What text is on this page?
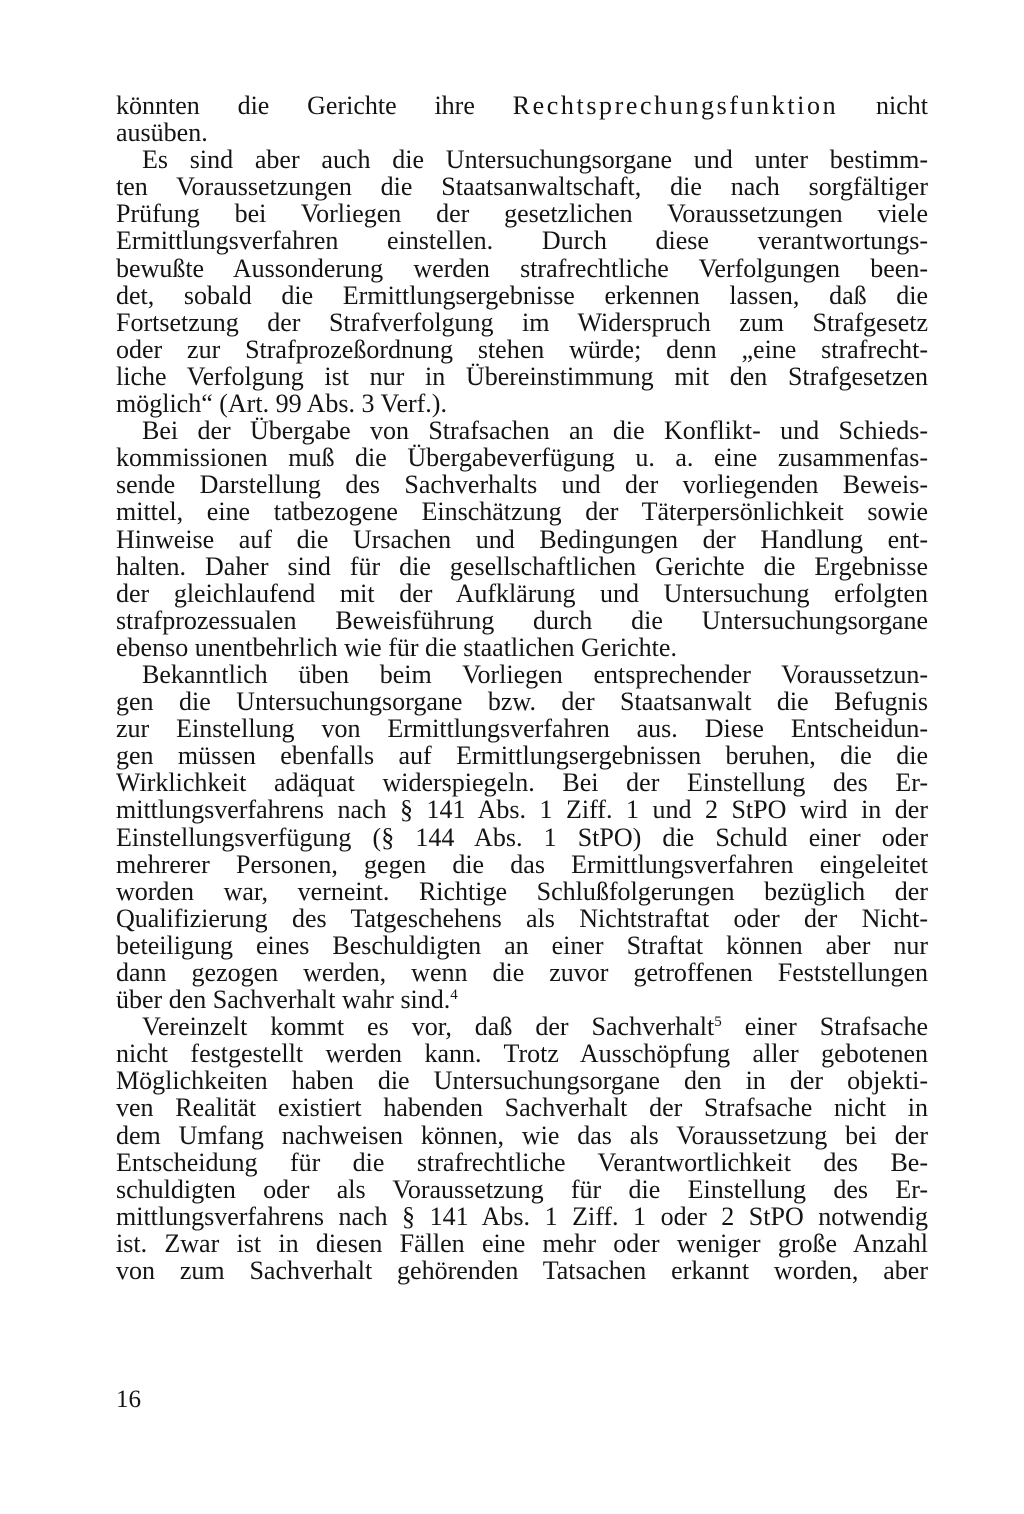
könnten die Gerichte ihre Rechtsprechungsfunktion nicht
ausüben.
Es sind aber auch die Untersuchungsorgane und unter bestimm-
ten Voraussetzungen die Staatsanwaltschaft, die nach sorgfältiger
Prüfung bei Vorliegen der gesetzlichen Voraussetzungen viele
Ermittlungsverfahren einstellen. Durch diese verantwortungs-
bewußte Aussonderung werden strafrechtliche Verfolgungen been-
det, sobald die Ermittlungsergebnisse erkennen lassen, daß die
Fortsetzung der Strafverfolgung im Widerspruch zum Strafgesetz
oder zur Strafprozeßordnung stehen würde; denn „eine strafrecht-
liche Verfolgung ist nur in Übereinstimmung mit den Strafgesetzen
möglich“ (Art. 99 Abs. 3 Verf.).
Bei der Übergabe von Strafsachen an die Konflikt- und Schieds-
kommissionen muß die Übergabeverfügung u. a. eine zusammenfas-
sende Darstellung des Sachverhalts und der vorliegenden Beweis-
mittel, eine tatbezogene Einschätzung der Täterpersönlichkeit sowie
Hinweise auf die Ursachen und Bedingungen der Handlung ent-
halten. Daher sind für die gesellschaftlichen Gerichte die Ergebnisse
der gleichlaufend mit der Aufklärung und Untersuchung erfolgten
strafprozessualen Beweisführung durch die Untersuchungsorgane
ebenso unentbehrlich wie für die staatlichen Gerichte.
Bekanntlich üben beim Vorliegen entsprechender Voraussetzun-
gen die Untersuchungsorgane bzw. der Staatsanwalt die Befugnis
zur Einstellung von Ermittlungsverfahren aus. Diese Entscheidun-
gen müssen ebenfalls auf Ermittlungsergebnissen beruhen, die die
Wirklichkeit adäquat widerspiegeln. Bei der Einstellung des Er-
mittlungsverfahrens nach § 141 Abs. 1 Ziff. 1 und 2 StPO wird in der
Einstellungsverfügung (§ 144 Abs. 1 StPO) die Schuld einer oder
mehrerer Personen, gegen die das Ermittlungsverfahren eingeleitet
worden war, verneint. Richtige Schlußfolgerungen bezüglich der
Qualifizierung des Tatgeschehens als Nichtstraftat oder der Nicht-
beteiligung eines Beschuldigten an einer Straftat können aber nur
dann gezogen werden, wenn die zuvor getroffenen Feststellungen
über den Sachverhalt wahr sind.$^4$
Vereinzelt kommt es vor, daß der Sachverhalt$^5$ einer Strafsache
nicht festgestellt werden kann. Trotz Ausschöpfung aller gebotenen
Möglichkeiten haben die Untersuchungsorgane den in der objekti-
ven Realität existiert habenden Sachverhalt der Strafsache nicht in
dem Umfang nachweisen können, wie das als Voraussetzung bei der
Entscheidung für die strafrechtliche Verantwortlichkeit des Be-
schuldigten oder als Voraussetzung für die Einstellung des Er-
mittlungsverfahrens nach § 141 Abs. 1 Ziff. 1 oder 2 StPO notwendig
ist. Zwar ist in diesen Fällen eine mehr oder weniger große Anzahl
von zum Sachverhalt gehörenden Tatsachen erkannt worden, aber
16
